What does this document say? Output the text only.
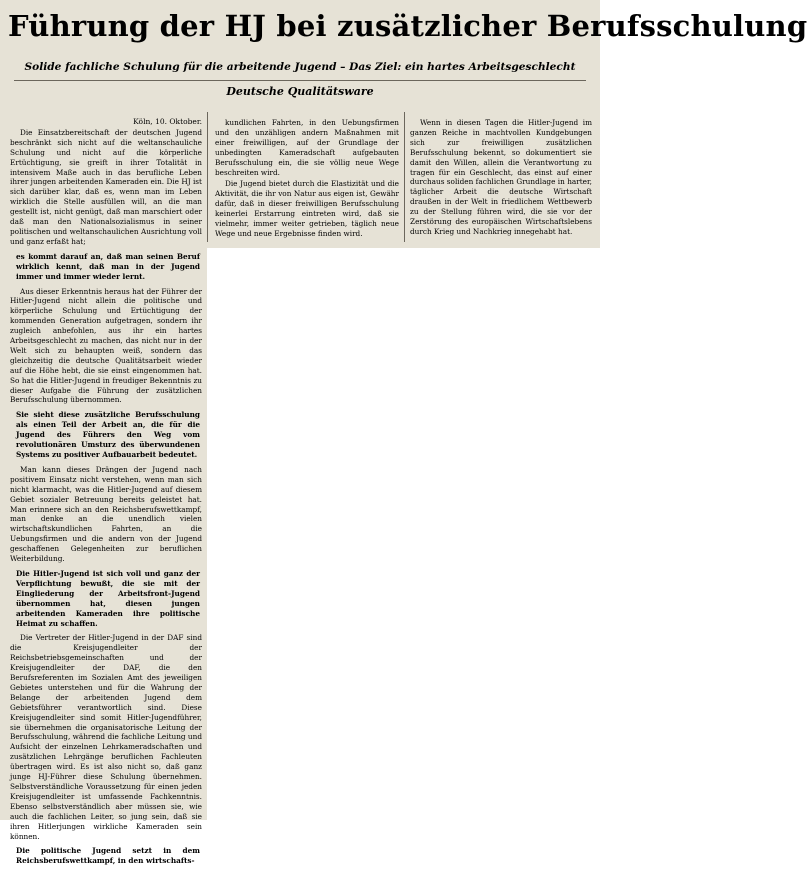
Führung der HJ bei zusätzlicher Berufsschulung
Solide fachliche Schulung für die arbeitende Jugend – Das Ziel: ein hartes Arbeitsgeschlecht
Deutsche Qualitätsware
Köln, 10. Oktober.

Die Einsatzbereitschaft der deutschen Jugend beschränkt sich nicht auf die weltanschauliche Schulung und nicht auf die körperliche Ertüchtigung, sie greift in ihrer Totalität in intensivem Maße auch in das berufliche Leben ihrer jungen arbeitenden Kameraden ein. Die HJ ist sich darüber klar, daß es, wenn man im Leben wirklich die Stelle ausfüllen will, an die man gestellt ist, nicht genügt, daß man marschiert oder daß man den Nationalsozialismus in seiner politischen und weltanschaulichen Ausrichtung voll und ganz erfaßt hat;

es kommt darauf an, daß man seinen Beruf wirklich kennt, daß man in der Jugend immer und immer wieder lernt.

Aus dieser Erkenntnis heraus hat der Führer der Hitler-Jugend nicht allein die politische und körperliche Schulung und Ertüchtigung der kommenden Generation aufgetragen, sondern ihr zugleich anbefohlen, aus ihr ein hartes Arbeitsgeschlecht zu machen, das nicht nur in der Welt sich zu behaupten weiß, sondern das gleichzeitig die deutsche Qualitätsarbeit wieder auf die Höhe hebt, die sie einst eingenommen hat. So hat die Hitler-Jugend in freudiger Bekenntnis zu dieser Aufgabe die Führung der zusätzlichen Berufsschulung übernommen.

Sie sieht diese zusätzliche Berufsschulung als einen Teil der Arbeit an, die für die Jugend des Führers den Weg vom revolutionären Umsturz des überwundenen Systems zu positiver Aufbauarbeit bedeutet.

Man kann dieses Drängen der Jugend nach positivem Einsatz nicht verstehen, wenn man sich nicht klarmacht, was die Hitler-Jugend auf diesem Gebiet sozialer Betreuung bereits geleistet hat. Man erinnere sich an den Reichsberufswettkampf, man denke an die unendlich vielen wirtschaftskundlichen Fahrten, an die Uebungsfirmen und die andern von der Jugend geschaffenen Gelegenheiten zur beruflichen Weiterbildung.

Die Hitler-Jugend ist sich voll und ganz der Verpflichtung bewußt, die sie mit der Eingliederung der Arbeitsfront-Jugend übernommen hat, diesen jungen arbeitenden Kameraden ihre politische Heimat zu schaffen.

Die Vertreter der Hitler-Jugend in der DAF sind die Kreisjugendleiter der Reichsbetriebsgemeinschaften und der Kreisjugendleiter der DAF, die den Berufsreferenten im Sozialen Amt des jeweiligen Gebietes unterstehen und für die Wahrung der Belange der arbeitenden Jugend dem Gebietsführer verantwortlich sind. Diese Kreisjugendleiter sind somit Hitler-Jugendführer, sie übernehmen die organisatorische Leitung der Berufsschulung, während die fachliche Leitung und Aufsicht der einzelnen Lehrkameradschaften und zusätzlichen Lehrgänge beruflichen Fachleuten übertragen wird. Es ist also nicht so, daß ganz junge HJ-Führer diese Schulung übernehmen. Selbstverständliche Voraussetzung für einen jeden Kreisjugendleiter ist umfassende Fachkenntnis. Ebenso selbstverständlich aber müssen sie, wie auch die fachlichen Leiter, so jung sein, daß sie ihren Hitlerjungen wirkliche Kameraden sein können.

Die politische Jugend setzt in dem Reichsberufswettkampf, in den wirtschafts-

kundlichen Fahrten, in den Uebungsfirmen und den unzähligen andern Maßnahmen mit einer freiwilligen, auf der Grundlage der unbedingten Kameradschaft aufgebauten Berufsschulung ein, die sie völlig neue Wege beschreiten wird.

Die Jugend bietet durch die Elastizität und die Aktivität, die ihr von Natur aus eigen ist, Gewähr dafür, daß in dieser freiwilligen Berufsschulung keinerlei Erstarrung eintreten wird, daß sie vielmehr, immer weiter getrieben, täglich neue Wege und neue Ergebnisse finden wird.

Wenn in diesen Tagen die Hitler-Jugend im ganzen Reiche in machtvollen Kundgebungen sich zur freiwilligen zusätzlichen Berufsschulung bekennt, so dokumentiert sie damit den Willen, allein die Verantwortung zu tragen für ein Geschlecht, das einst auf einer durchaus soliden fachlichen Grundlage in harter, täglicher Arbeit die deutsche Wirtschaft draußen in der Welt in friedlichem Wettbewerb zu der Stellung führen wird, die sie vor der Zerstörung des europäischen Wirtschaftslebens durch Krieg und Nachkrieg innegehabt hat.
